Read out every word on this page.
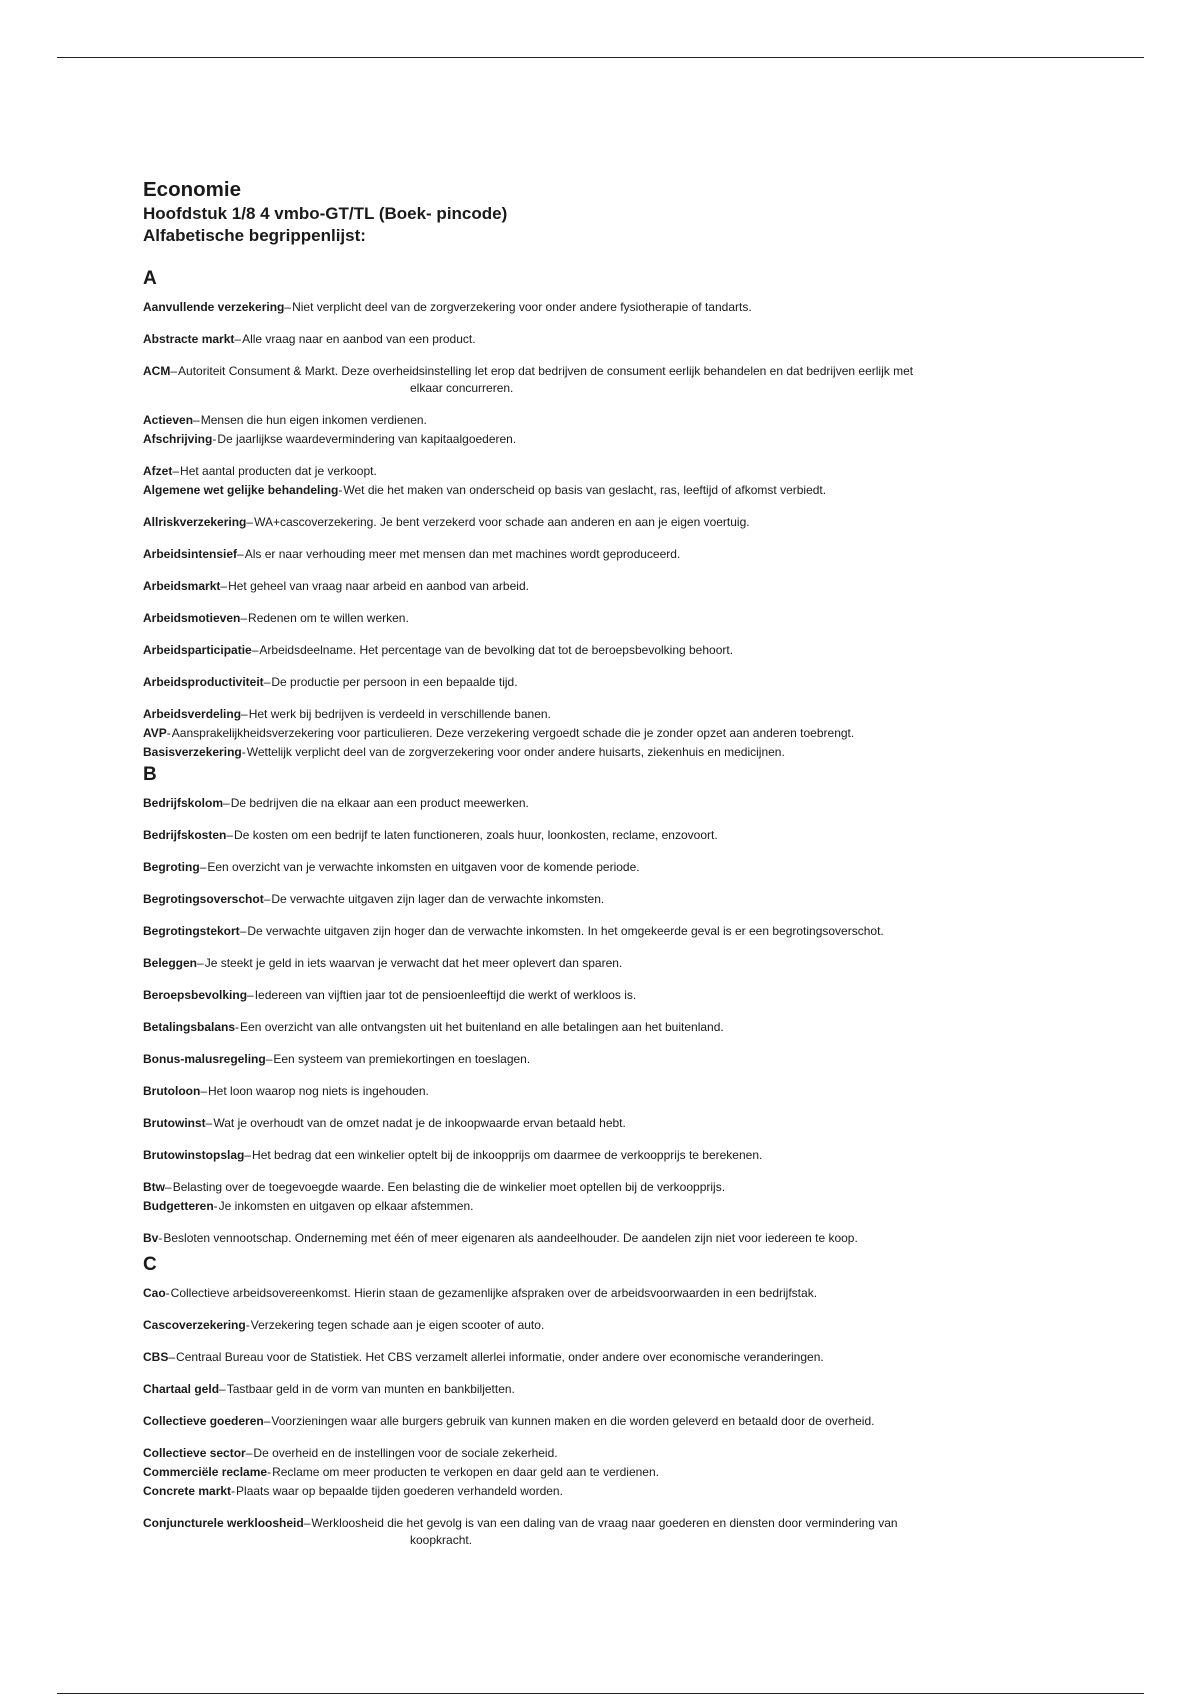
Economie
Hoofdstuk 1/8 4 vmbo-GT/TL (Boek- pincode)
Alfabetische begrippenlijst:
A
Aanvullende verzekering–Niet verplicht deel van de zorgverzekering voor onder andere fysiotherapie of tandarts.
Abstracte markt–Alle vraag naar en aanbod van een product.
ACM–Autoriteit Consument & Markt. Deze overheidsinstelling let erop dat bedrijven de consument eerlijk behandelen en dat bedrijven eerlijk met
elkaar concurreren.
Actieven–Mensen die hun eigen inkomen verdienen.
Afschrijving-De jaarlijkse waardevermindering van kapitaalgoederen.
Afzet–Het aantal producten dat je verkoopt.
Algemene wet gelijke behandeling-Wet die het maken van onderscheid op basis van geslacht, ras, leeftijd of afkomst verbiedt.
Allriskverzekering–WA+cascoverzekering. Je bent verzekerd voor schade aan anderen en aan je eigen voertuig.
Arbeidsintensief–Als er naar verhouding meer met mensen dan met machines wordt geproduceerd.
Arbeidsmarkt–Het geheel van vraag naar arbeid en aanbod van arbeid.
Arbeidsmotieven–Redenen om te willen werken.
Arbeidsparticipatie–Arbeidsdeelname. Het percentage van de bevolking dat tot de beroepsbevolking behoort.
Arbeidsproductiviteit–De productie per persoon in een bepaalde tijd.
Arbeidsverdeling–Het werk bij bedrijven is verdeeld in verschillende banen.
AVP-Aansprakelijkheidsverzekering voor particulieren. Deze verzekering vergoedt schade die je zonder opzet aan anderen toebrengt.
Basisverzekering-Wettelijk verplicht deel van de zorgverzekering voor onder andere huisarts, ziekenhuis en medicijnen.
B
Bedrijfskolom–De bedrijven die na elkaar aan een product meewerken.
Bedrijfskosten–De kosten om een bedrijf te laten functioneren, zoals huur, loonkosten, reclame, enzovoort.
Begroting–Een overzicht van je verwachte inkomsten en uitgaven voor de komende periode.
Begrotingsoverschot–De verwachte uitgaven zijn lager dan de verwachte inkomsten.
Begrotingstekort–De verwachte uitgaven zijn hoger dan de verwachte inkomsten. In het omgekeerde geval is er een begrotingsoverschot.
Beleggen–Je steekt je geld in iets waarvan je verwacht dat het meer oplevert dan sparen.
Beroepsbevolking–Iedereen van vijftien jaar tot de pensioenleeftijd die werkt of werkloos is.
Betalingsbalans-Een overzicht van alle ontvangsten uit het buitenland en alle betalingen aan het buitenland.
Bonus-malusregeling–Een systeem van premiekortingen en toeslagen.
Brutoloon–Het loon waarop nog niets is ingehouden.
Brutowinst–Wat je overhoudt van de omzet nadat je de inkoopwaarde ervan betaald hebt.
Brutowinstopslag–Het bedrag dat een winkelier optelt bij de inkoopprijs om daarmee de verkoopprijs te berekenen.
Btw–Belasting over de toegevoegde waarde. Een belasting die de winkelier moet optellen bij de verkoopprijs.
Budgetteren-Je inkomsten en uitgaven op elkaar afstemmen.
Bv-Besloten vennootschap. Onderneming met één of meer eigenaren als aandeelhouder. De aandelen zijn niet voor iedereen te koop.
C
Cao-Collectieve arbeidsovereenkomst. Hierin staan de gezamenlijke afspraken over de arbeidsvoorwaarden in een bedrijfstak.
Cascoverzekering-Verzekering tegen schade aan je eigen scooter of auto.
CBS–Centraal Bureau voor de Statistiek. Het CBS verzamelt allerlei informatie, onder andere over economische veranderingen.
Chartaal geld–Tastbaar geld in de vorm van munten en bankbiljetten.
Collectieve goederen–Voorzieningen waar alle burgers gebruik van kunnen maken en die worden geleverd en betaald door de overheid.
Collectieve sector–De overheid en de instellingen voor de sociale zekerheid.
Commerciële reclame-Reclame om meer producten te verkopen en daar geld aan te verdienen.
Concrete markt-Plaats waar op bepaalde tijden goederen verhandeld worden.
Conjuncturele werkloosheid–Werkloosheid die het gevolg is van een daling van de vraag naar goederen en diensten door vermindering van
koopkracht.
